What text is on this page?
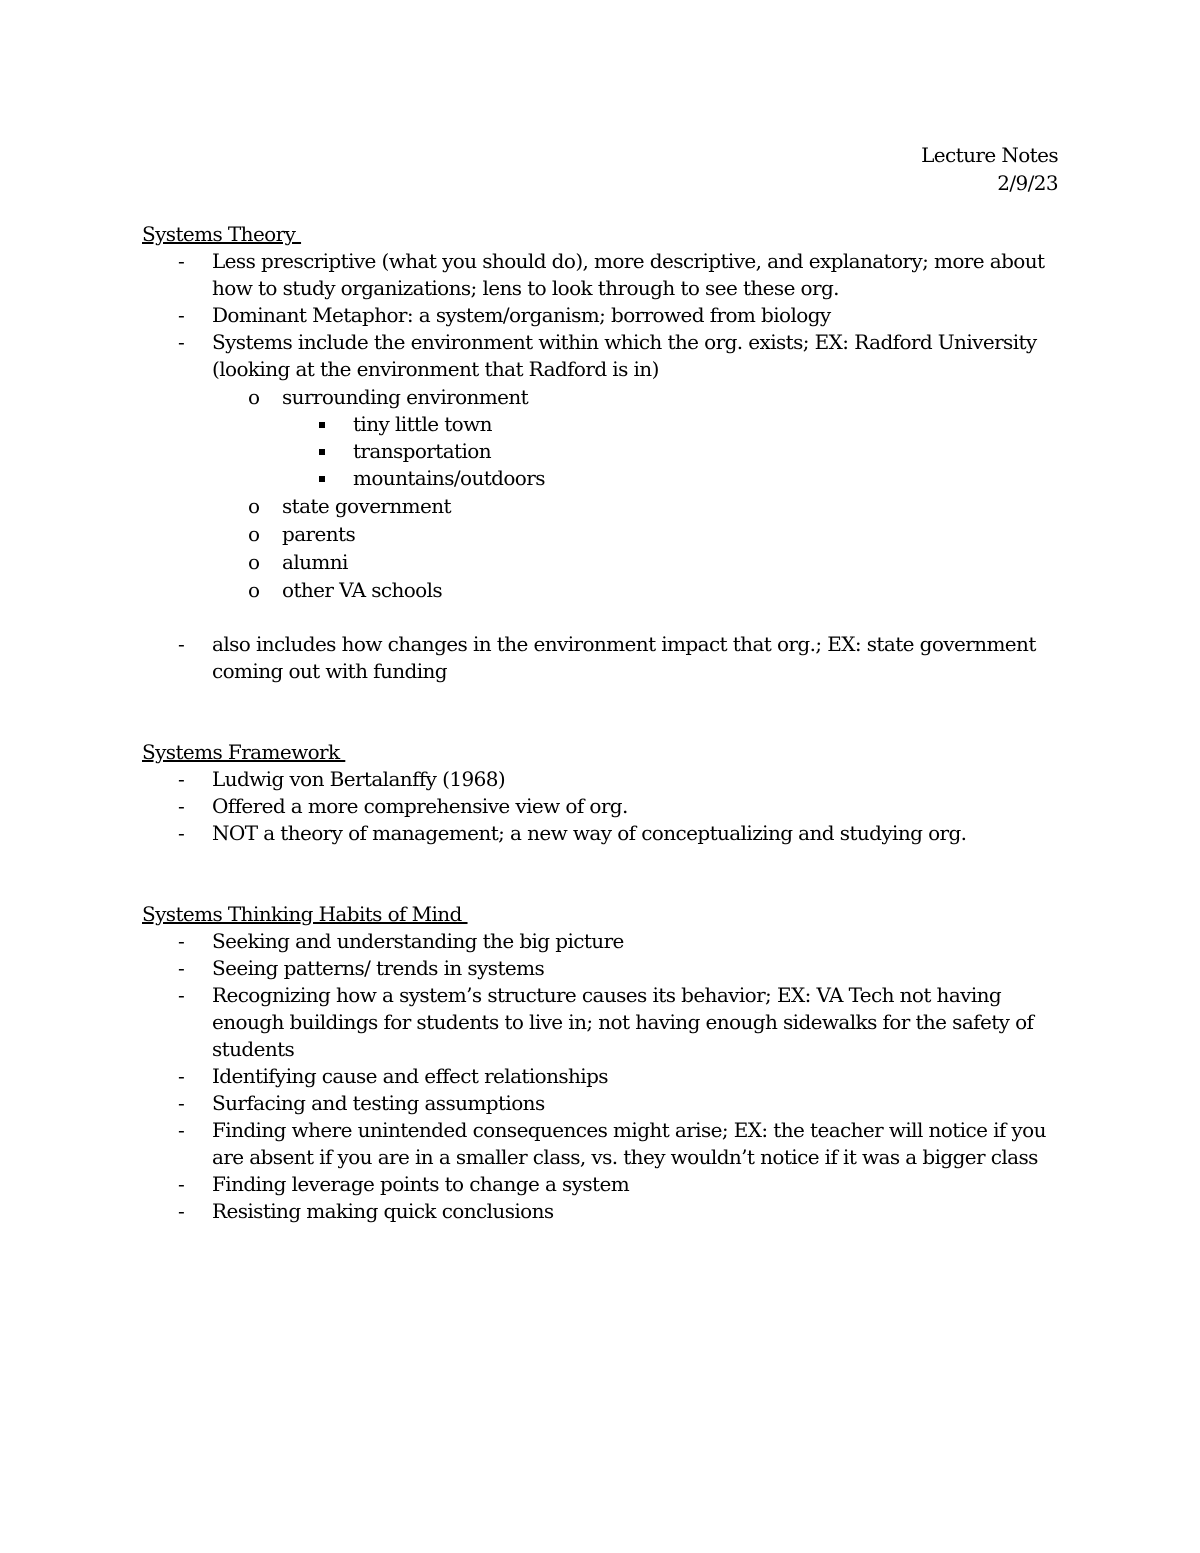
Lecture Notes
2/9/23
Systems Theory
- Less prescriptive (what you should do), more descriptive, and explanatory; more about how to study organizations; lens to look through to see these org.
- Dominant Metaphor: a system/organism; borrowed from biology
- Systems include the environment within which the org. exists; EX: Radford University (looking at the environment that Radford is in)
o surrounding environment
tiny little town
transportation
mountains/outdoors
o state government
o parents
o alumni
o other VA schools
- also includes how changes in the environment impact that org.; EX: state government coming out with funding
Systems Framework
- Ludwig von Bertalanffy (1968)
- Offered a more comprehensive view of org.
- NOT a theory of management; a new way of conceptualizing and studying org.
Systems Thinking Habits of Mind
- Seeking and understanding the big picture
- Seeing patterns/ trends in systems
- Recognizing how a system’s structure causes its behavior; EX: VA Tech not having enough buildings for students to live in; not having enough sidewalks for the safety of students
- Identifying cause and effect relationships
- Surfacing and testing assumptions
- Finding where unintended consequences might arise; EX: the teacher will notice if you are absent if you are in a smaller class, vs. they wouldn’t notice if it was a bigger class
- Finding leverage points to change a system
- Resisting making quick conclusions
